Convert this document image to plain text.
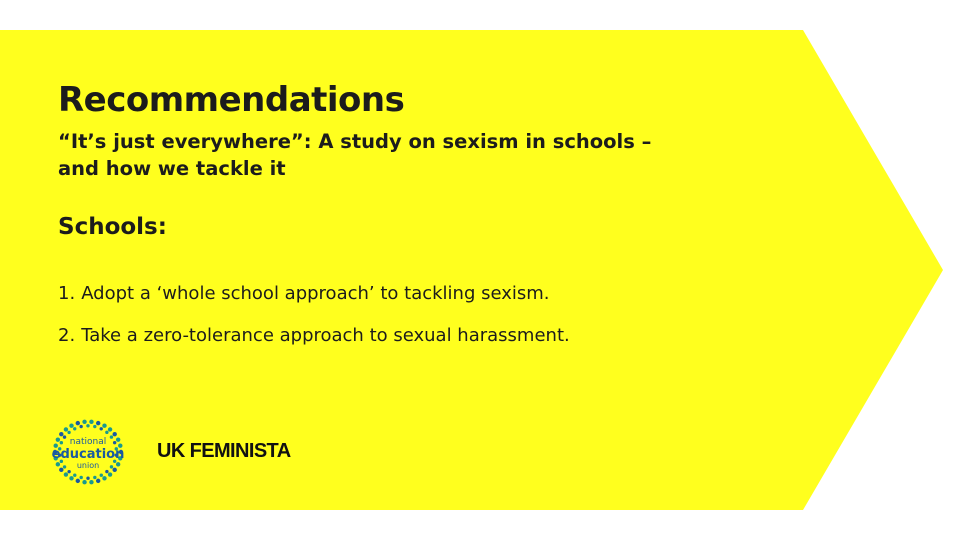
Recommendations
“It’s just everywhere”: A study on sexism in schools – and how we tackle it
Schools:
1. Adopt a ‘whole school approach’ to tackling sexism.
2. Take a zero-tolerance approach to sexual harassment.
national
education
union
UK FEMINISTA
